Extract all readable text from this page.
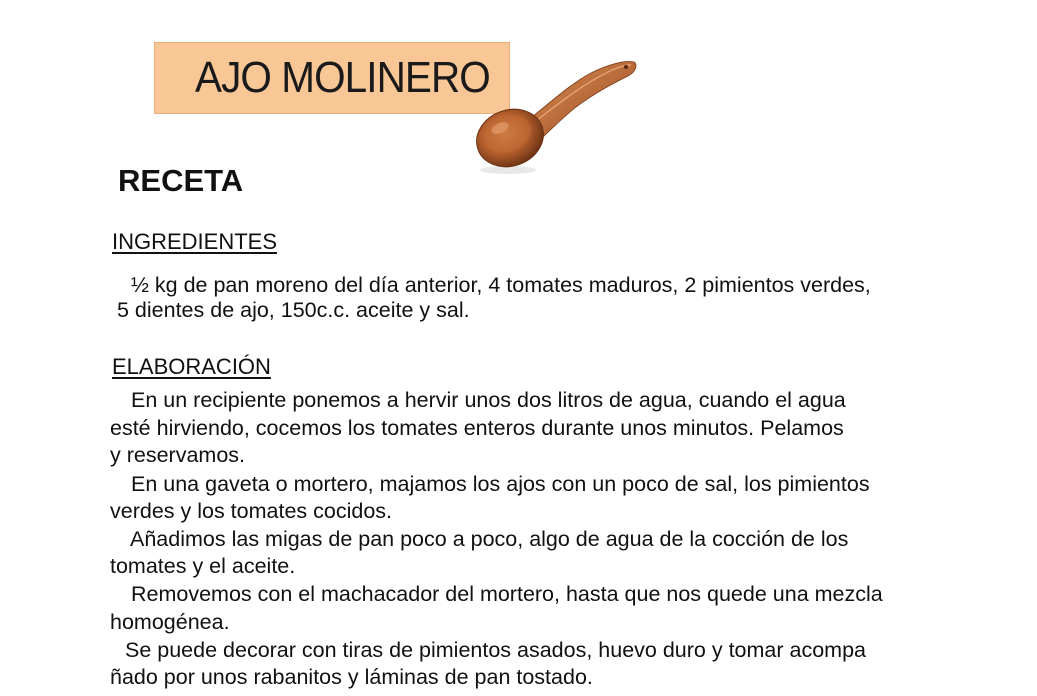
AJO MOLINERO
RECETA
INGREDIENTES
½ kg de pan moreno del día anterior, 4 tomates maduros, 2 pimientos verdes,
5 dientes de ajo, 150c.c. aceite y sal.
ELABORACIÓN
En un recipiente ponemos a hervir unos dos litros de agua, cuando el agua
esté hirviendo, cocemos los tomates enteros durante unos minutos. Pelamos
y reservamos.
En una gaveta o mortero, majamos los ajos con un poco de sal, los pimientos
verdes y los tomates cocidos.
Añadimos las migas de pan poco a poco, algo de agua de la cocción de los
tomates y el aceite.
Removemos con el machacador del mortero, hasta que nos quede una mezcla
homogénea.
Se puede decorar con tiras de pimientos asados, huevo duro y tomar acompa
ñado por unos rabanitos y láminas de pan tostado.
